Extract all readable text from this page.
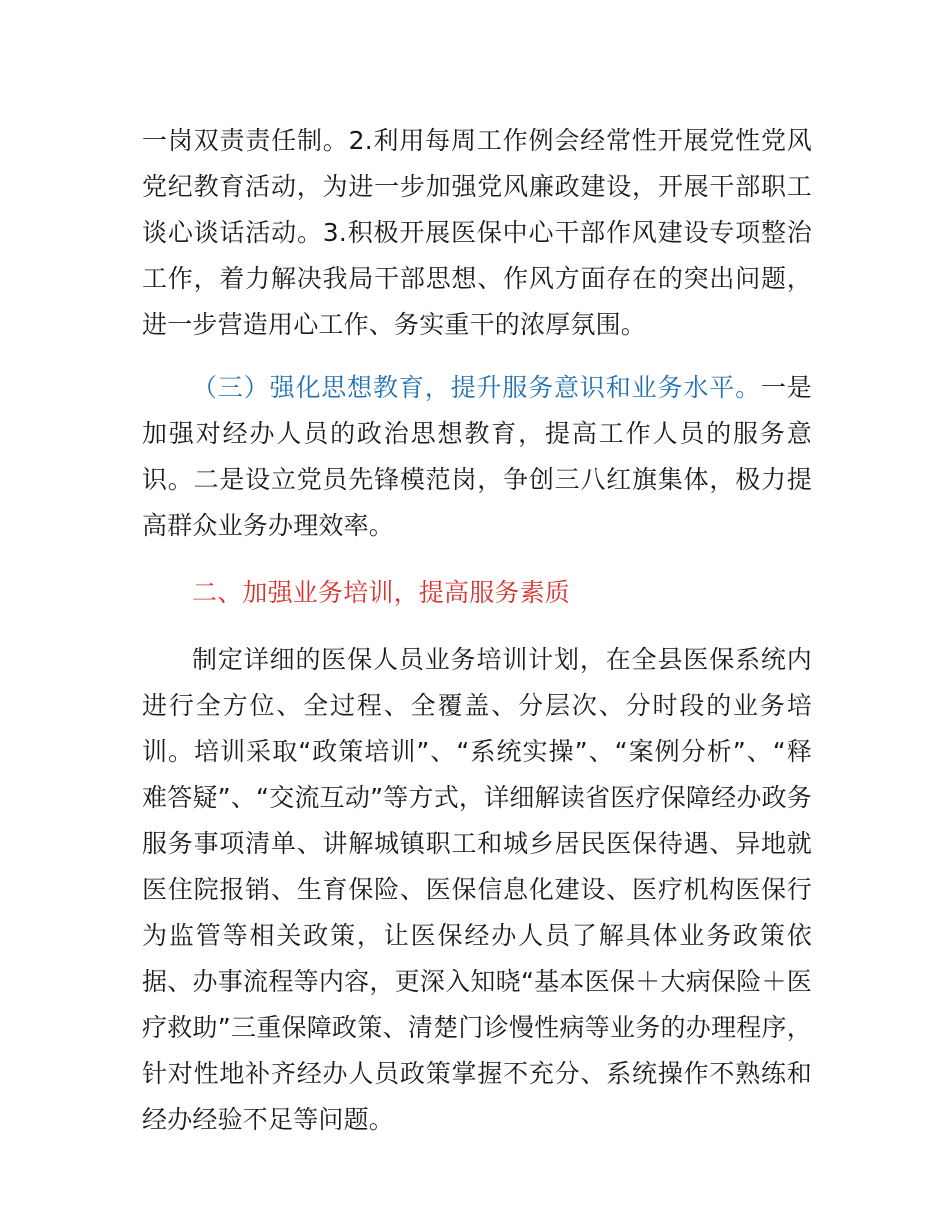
一岗双责责任制。2.利用每周工作例会经常性开展党性党风党纪教育活动，为进一步加强党风廉政建设，开展干部职工谈心谈话活动。3.积极开展医保中心干部作风建设专项整治工作，着力解决我局干部思想、作风方面存在的突出问题，进一步营造用心工作、务实重干的浓厚氛围。

（三）强化思想教育，提升服务意识和业务水平。一是加强对经办人员的政治思想教育，提高工作人员的服务意识。二是设立党员先锋模范岗，争创三八红旗集体，极力提高群众业务办理效率。

二、加强业务培训，提高服务素质

制定详细的医保人员业务培训计划，在全县医保系统内进行全方位、全过程、全覆盖、分层次、分时段的业务培训。培训采取“政策培训”、“系统实操”、“案例分析”、“释难答疑”、“交流互动”等方式，详细解读省医疗保障经办政务服务事项清单、讲解城镇职工和城乡居民医保待遇、异地就医住院报销、生育保险、医保信息化建设、医疗机构医保行为监管等相关政策，让医保经办人员了解具体业务政策依据、办事流程等内容，更深入知晓“基本医保＋大病保险＋医疗救助”三重保障政策、清楚门诊慢性病等业务的办理程序，针对性地补齐经办人员政策掌握不充分、系统操作不熟练和经办经验不足等问题。
